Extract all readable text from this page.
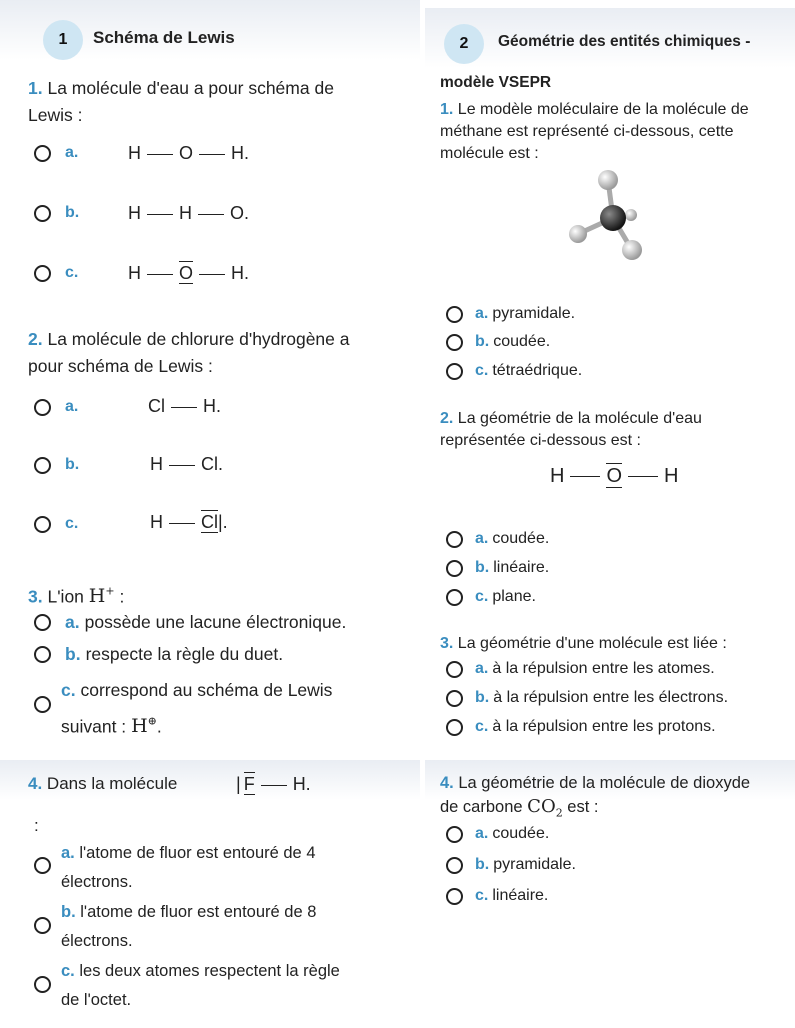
1	Schéma de Lewis
1. La molécule d'eau a pour schéma de
Lewis :
a.	H O H.
b.	H H O.
c.	H O H.
2. La molécule de chlorure d'hydrogène a
pour schéma de Lewis :
a.	Cl H.
b.	H Cl.
c.	H Cl|.
3. L'ion H+ :
a. possède une lacune électronique.
b. respecte la règle du duet.
c. correspond au schéma de Lewis
suivant : H⊕.
4. Dans la molécule	| F H.
:
a. l'atome de fluor est entouré de 4
électrons.
b. l'atome de fluor est entouré de 8
électrons.
c. les deux atomes respectent la règle
de l'octet.
2	Géométrie des entités chimiques -
modèle VSEPR
1. Le modèle moléculaire de la molécule de
méthane est représenté ci-dessous, cette
molécule est :
a. pyramidale.
b. coudée.
c. tétraédrique.
2. La géométrie de la molécule d'eau
représentée ci-dessous est :
H O H
a. coudée.
b. linéaire.
c. plane.
3. La géométrie d'une molécule est liée :
a. à la répulsion entre les atomes.
b. à la répulsion entre les électrons.
c. à la répulsion entre les protons.
4. La géométrie de la molécule de dioxyde
de carbone $CO_2$ est :
a. coudée.
b. pyramidale.
c. linéaire.
